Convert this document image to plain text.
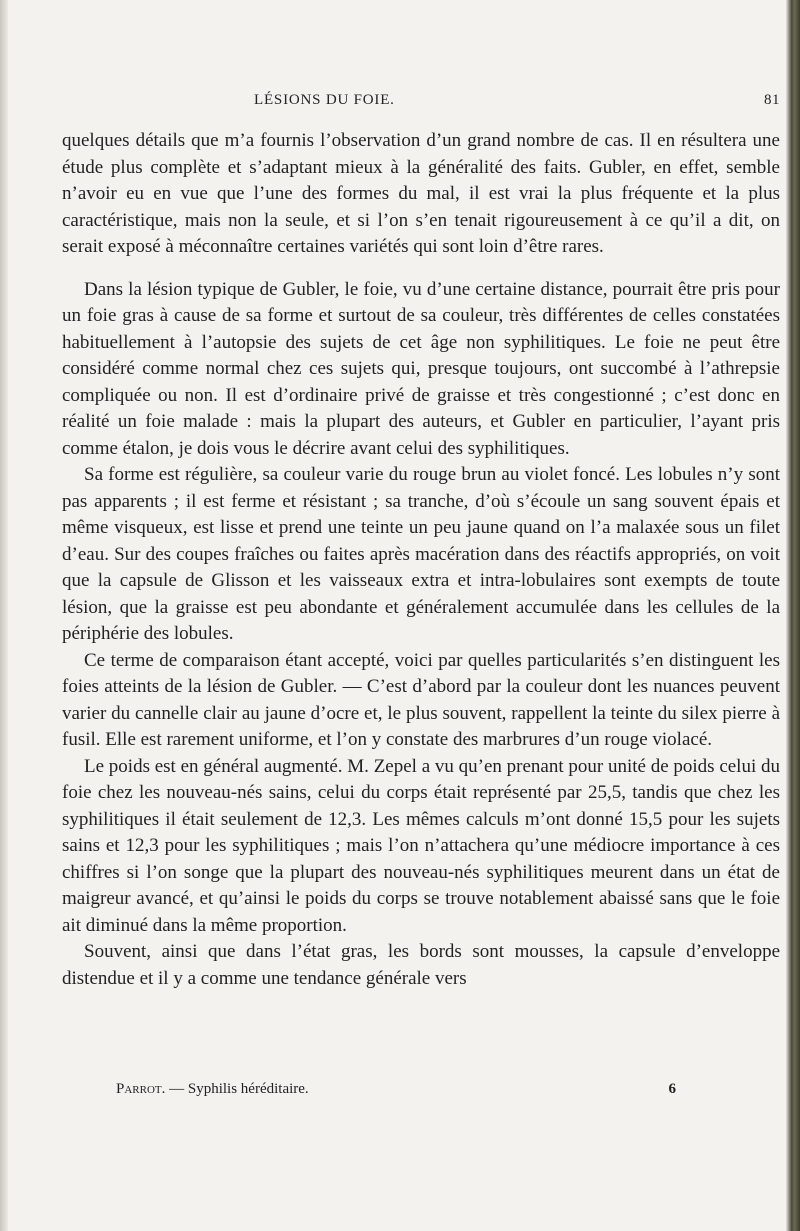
LÉSIONS DU FOIE.	81

quelques détails que m’a fournis l’observation d’un grand nombre de cas. Il en résultera une étude plus complète et s’adaptant mieux à la généralité des faits. Gubler, en effet, semble n’avoir eu en vue que l’une des formes du mal, il est vrai la plus fréquente et la plus caractéristique, mais non la seule, et si l’on s’en tenait rigoureusement à ce qu’il a dit, on serait exposé à méconnaître certaines variétés qui sont loin d’être rares.

Dans la lésion typique de Gubler, le foie, vu d’une certaine distance, pourrait être pris pour un foie gras à cause de sa forme et surtout de sa couleur, très différentes de celles constatées habituellement à l’autopsie des sujets de cet âge non syphilitiques. Le foie ne peut être considéré comme normal chez ces sujets qui, presque toujours, ont succombé à l’athrepsie compliquée ou non. Il est d’ordinaire privé de graisse et très congestionné ; c’est donc en réalité un foie malade : mais la plupart des auteurs, et Gubler en particulier, l’ayant pris comme étalon, je dois vous le décrire avant celui des syphilitiques.

Sa forme est régulière, sa couleur varie du rouge brun au violet foncé. Les lobules n’y sont pas apparents ; il est ferme et résistant ; sa tranche, d’où s’écoule un sang souvent épais et même visqueux, est lisse et prend une teinte un peu jaune quand on l’a malaxée sous un filet d’eau. Sur des coupes fraîches ou faites après macération dans des réactifs appropriés, on voit que la capsule de Glisson et les vaisseaux extra et intra-lobulaires sont exempts de toute lésion, que la graisse est peu abondante et généralement accumulée dans les cellules de la périphérie des lobules.

Ce terme de comparaison étant accepté, voici par quelles particularités s’en distinguent les foies atteints de la lésion de Gubler. — C’est d’abord par la couleur dont les nuances peuvent varier du cannelle clair au jaune d’ocre et, le plus souvent, rappellent la teinte du silex pierre à fusil. Elle est rarement uniforme, et l’on y constate des marbrures d’un rouge violacé.

Le poids est en général augmenté. M. Zepel a vu qu’en prenant pour unité de poids celui du foie chez les nouveau-nés sains, celui du corps était représenté par 25,5, tandis que chez les syphilitiques il était seulement de 12,3. Les mêmes calculs m’ont donné 15,5 pour les sujets sains et 12,3 pour les syphilitiques ; mais l’on n’attachera qu’une médiocre importance à ces chiffres si l’on songe que la plupart des nouveau-nés syphilitiques meurent dans un état de maigreur avancé, et qu’ainsi le poids du corps se trouve notablement abaissé sans que le foie ait diminué dans la même proportion.

Souvent, ainsi que dans l’état gras, les bords sont mousses, la capsule d’enveloppe distendue et il y a comme une tendance générale vers

Parrot. — Syphilis héréditaire.	6
